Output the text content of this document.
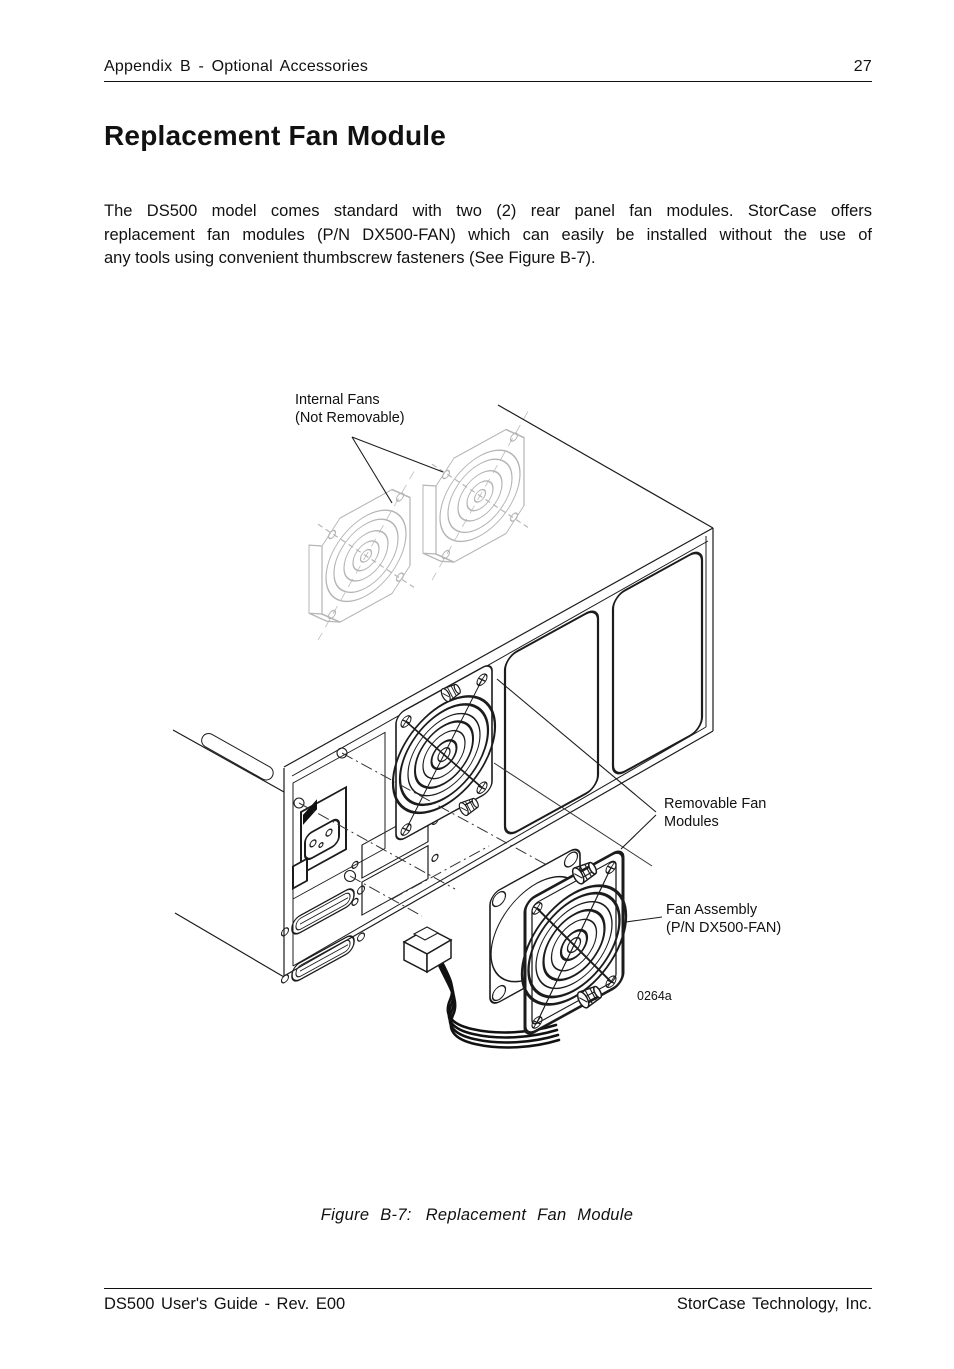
Appendix B - Optional Accessories	27
Replacement Fan Module
The DS500 model comes standard with two (2) rear panel fan modules. StorCase offers
replacement fan modules (P/N DX500-FAN) which can easily be installed without the use of
any tools using convenient thumbscrew fasteners (See Figure B-7).
Internal Fans
(Not Removable)
Removable Fan
Modules
Fan Assembly
(P/N DX500-FAN)
0264a
Figure B-7: Replacement Fan Module
DS500 User's Guide - Rev. E00	StorCase Technology, Inc.
